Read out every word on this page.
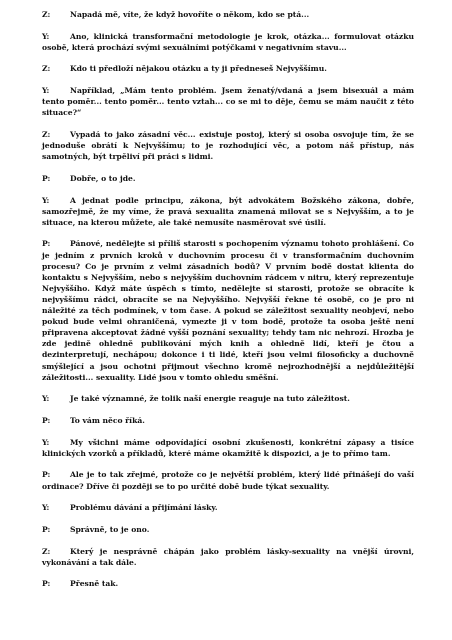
Z:	Napadá mě, víte, že když hovoříte o někom, kdo se ptá...

Y:	Ano, klinická transformační metodologie je krok, otázka... formulovat otázku osobě, která prochází svými sexuálními potýčkami v negativním stavu...

Z:	Kdo ti předloží nějakou otázku a ty ji předneseš Nejvyššímu.

Y:	Například, „Mám tento problém. Jsem ženatý/vdaná a jsem bisexuál a mám tento poměr... tento poměr... tento vztah... co se mi to děje, čemu se mám naučit z této situace?“

Z:	Vypadá to jako zásadní věc... existuje postoj, který si osoba osvojuje tím, že se jednoduše obrátí k Nejvyššímu; to je rozhodující věc, a potom náš přístup, nás samotných, být trpěliví při práci s lidmi.

P:	Dobře, o to jde.

Y:	A jednat podle principu, zákona, být advokátem Božského zákona, dobře, samozřejmě, že my víme, že pravá sexualita znamená milovat se s Nejvyšším, a to je situace, na kterou můžete, ale také nemusíte nasměrovat své úsilí.

P:	Pánové, nedělejte si příliš starosti s pochopením významu tohoto prohlášení. Co je jedním z prvních kroků v duchovním procesu či v transformačním duchovním procesu? Co je prvním z velmi zásadních bodů? V prvním bodě dostat klienta do kontaktu s Nejvyšším, nebo s nejvyšším duchovním rádcem v nitru, který reprezentuje Nejvyššího. Když máte úspěch s tímto, nedělejte si starosti, protože se obracíte k nejvyššímu rádci, obracíte se na Nejvyššího. Nejvyšší řekne té osobě, co je pro ni náležité za těch podmínek, v tom čase. A pokud se záležitost sexuality neobjeví, nebo pokud bude velmi ohraničená, vymezte ji v tom bodě, protože ta osoba ještě není připravena akceptovat žádné vyšší poznání sexuality; tehdy tam nic nehrozí. Hrozba je zde jedině ohledně publikování mých knih a ohledně lidí, kteří je čtou a dezinterpretují, nechápou; dokonce i ti lidé, kteří jsou velmi filosoficky a duchovně smýšlející a jsou ochotni přijmout všechno kromě nejrozhodnější a nejdůležitější záležitosti... sexuality. Lidé jsou v tomto ohledu směšní.

Y:	Je také významné, že tolik naší energie reaguje na tuto záležitost.

P:	To vám něco říká.

Y:	My všichni máme odpovídající osobní zkušenosti, konkrétní zápasy a tisíce klinických vzorků a příkladů, které máme okamžitě k dispozici, a je to přímo tam.

P:	Ale je to tak zřejmé, protože co je největší problém, který lidé přinášejí do vaší ordinace? Dříve či později se to po určité době bude týkat sexuality.

Y:	Problému dávání a přijímání lásky.

P:	Správně, to je ono.

Z:	Který je nesprávně chápán jako problém lásky-sexuality na vnější úrovni, vykonávání a tak dále.

P:	Přesně tak.
